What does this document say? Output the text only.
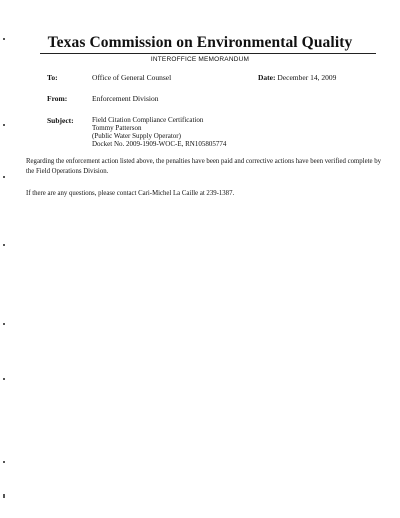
Texas Commission on Environmental Quality
INTEROFFICE MEMORANDUM
To:	Office of General Counsel	Date: December 14, 2009
From:	Enforcement Division
Subject:	Field Citation Compliance Certification
Tommy Patterson
(Public Water Supply Operator)
Docket No. 2009-1909-WOC-E, RN105805774
Regarding the enforcement action listed above, the penalties have been paid and corrective actions have been verified complete by the Field Operations Division.
If there are any questions, please contact Cari-Michel La Caille at 239-1387.
